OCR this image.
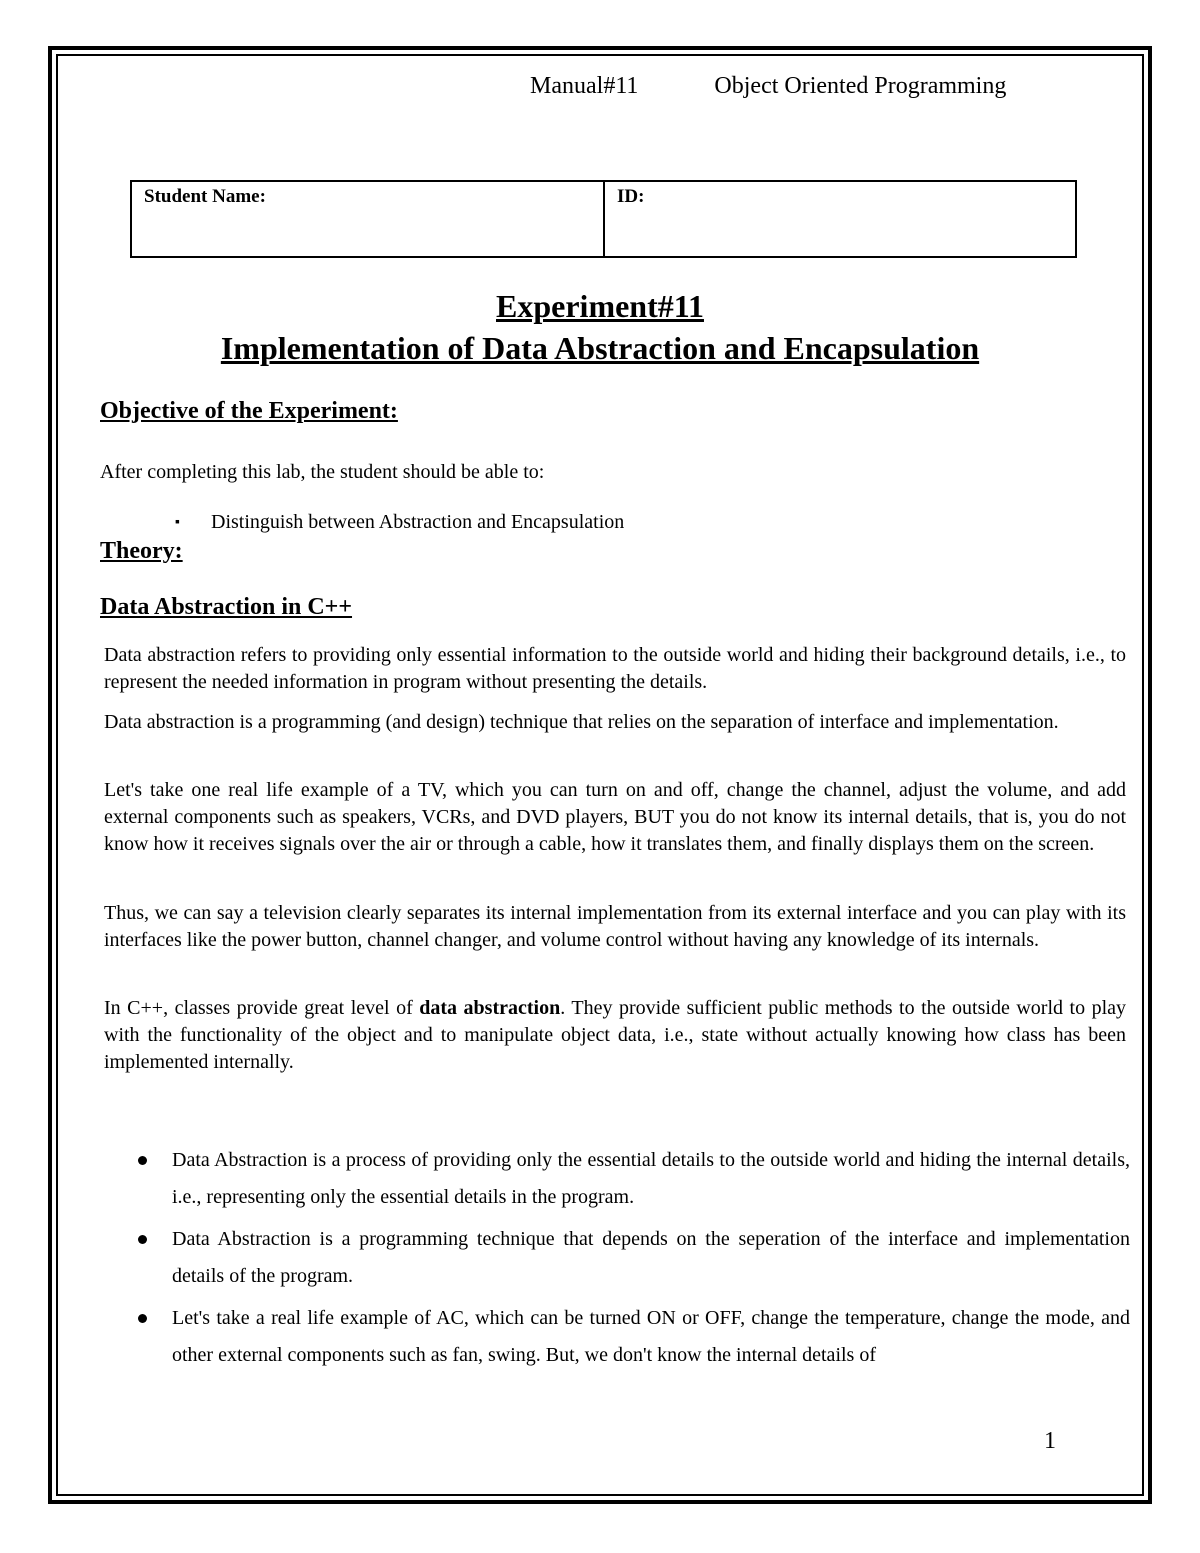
Manual#11	Object Oriented Programming
Student Name:	ID:
Experiment#11
Implementation of Data Abstraction and Encapsulation
Objective of the Experiment:
After completing this lab, the student should be able to:
▪ Distinguish between Abstraction and Encapsulation
Theory:
Data Abstraction in C++

Data abstraction refers to providing only essential information to the outside world and hiding their background details, i.e., to represent the needed information in program without presenting the details.

Data abstraction is a programming (and design) technique that relies on the separation of interface and implementation.

Let's take one real life example of a TV, which you can turn on and off, change the channel, adjust the volume, and add external components such as speakers, VCRs, and DVD players, BUT you do not know its internal details, that is, you do not know how it receives signals over the air or through a cable, how it translates them, and finally displays them on the screen.

Thus, we can say a television clearly separates its internal implementation from its external interface and you can play with its interfaces like the power button, channel changer, and volume control without having any knowledge of its internals.

In C++, classes provide great level of data abstraction. They provide sufficient public methods to the outside world to play with the functionality of the object and to manipulate object data, i.e., state without actually knowing how class has been implemented internally.

Data Abstraction is a process of providing only the essential details to the outside world and hiding the internal details, i.e., representing only the essential details in the program.
Data Abstraction is a programming technique that depends on the seperation of the interface and implementation details of the program.
Let's take a real life example of AC, which can be turned ON or OFF, change the temperature, change the mode, and other external components such as fan, swing. But, we don't know the internal details of
1
